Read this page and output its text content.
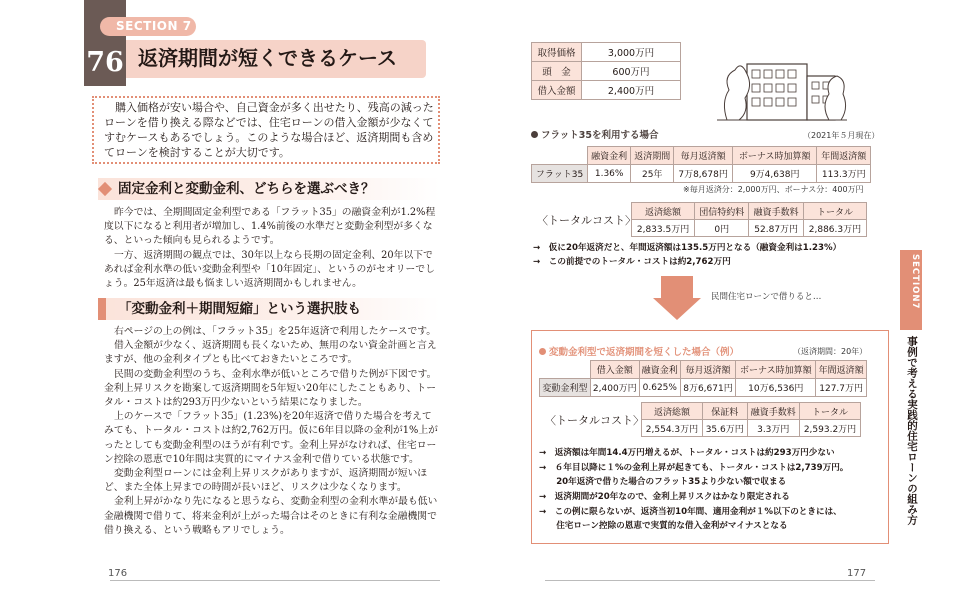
SECTION 7
76 返済期間が短くできるケース
購入価格が安い場合や、自己資金が多く出せたり、残高の減ったローンを借り換える際などでは、住宅ローンの借入金額が少なくてすむケースもあるでしょう。このような場合ほど、返済期間も含めてローンを検討することが大切です。
固定金利と変動金利、どちらを選ぶべき？

昨今では、全期間固定金利型である「フラット35」の融資金利が1.2%程度以下になると利用者が増加し、1.4%前後の水準だと変動金利型が多くなる、といった傾向も見られるようです。

一方、返済期間の観点では、30年以上なら長期の固定金利、20年以下であれば金利水準の低い変動金利型や「10年固定」、というのがセオリーでしょう。25年返済は最も悩ましい返済期間かもしれません。

「変動金利＋期間短縮」という選択肢も

右ページの上の例は、「フラット35」を25年返済で利用したケースです。

借入金額が少なく、返済期間も長くないため、無用のない資金計画と言えますが、他の金利タイプとも比べておきたいところです。

民間の変動金利型のうち、金利水準が低いところで借りた例が下図です。金利上昇リスクを勘案して返済期間を5年短い20年にしたこともあり、トータル・コストは約293万円少ないという結果になりました。

上のケースで「フラット35」(1.23%)を20年返済で借りた場合を考えてみても、トータル・コストは約2,762万円。仮に6年目以降の金利が1%上がったとしても変動金利型のほうが有利です。金利上昇がなければ、住宅ローン控除の恩恵で10年間は実質的にマイナス金利で借りている状態です。

変動金利型ローンには金利上昇リスクがありますが、返済期間が短いほど、また全体上昇までの時間が長いほど、リスクは少なくなります。

金利上昇がかなり先になると思うなら、変動金利型の金利水準が最も低い金融機関で借りて、将来金利が上がった場合はそのときに有利な金融機関で借り換える、という戦略もアリでしょう。

176
取得価格	3,000万円
頭　金	600万円
借入金額	2,400万円
フラット35を利用する場合	（2021年５月現在）
	融資金利	返済期間	毎月返済額	ボーナス時加算額	年間返済額
フラット35	1.36%	25年	7万8,678円	9万4,638円	113.3万円
※毎月返済分：2,000万円、ボーナス分：400万円
〈トータルコスト〉
返済総額	団信特約料	融資手数料	トータル
2,833.5万円	0円	52.87万円	2,886.3万円
→　仮に20年返済だと、年間返済額は135.5万円となる（融資金利は1.23%）
→　この前提でのトータル・コストは約2,762万円
民間住宅ローンで借りると…
変動金利型で返済期間を短くした場合（例）	（返済期間：20年）
	借入金額	融資金利	毎月返済額	ボーナス時加算額	年間返済額
変動金利型	2,400万円	0.625%	8万6,671円	10万6,536円	127.7万円
〈トータルコスト〉
返済総額	保証料	融資手数料	トータル
2,554.3万円	35.6万円	3.3万円	2,593.2万円
→　返済額は年間14.4万円増えるが、トータル・コストは約293万円少ない
→　６年目以降に１%の金利上昇が起きても、トータル・コストは2,739万円。
　　20年返済で借りた場合のフラット35より少ない額で収まる
→　返済期間が20年なので、金利上昇リスクはかなり限定される
→　この例に限らないが、返済当初10年間、適用金利が１%以下のときには、
　　住宅ローン控除の恩恵で実質的な借入金利がマイナスとなる
SECTION7
事例で考える実践的住宅ローンの組み方
177
